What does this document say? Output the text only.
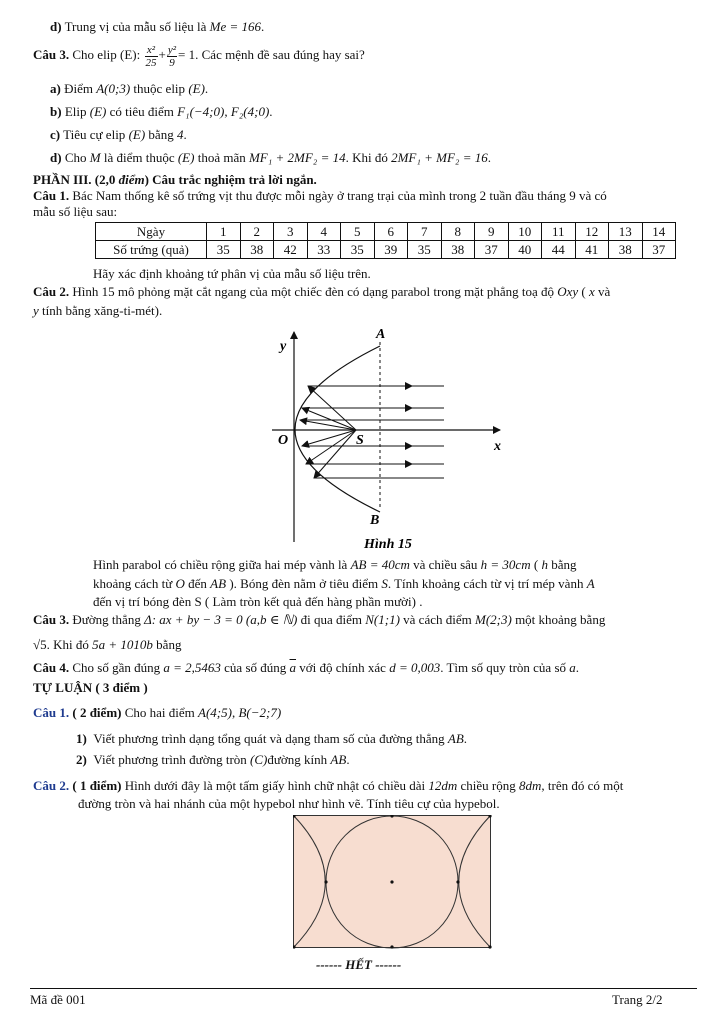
d) Trung vị của mẫu số liệu là Me = 166.
Câu 3. Cho elip (E): $\frac{\text{x²}}{25} + \frac{\text{y²}}{9} = 1$. Các mệnh đề sau đúng hay sai?
a) Điểm A(0;3) thuộc elip (E).
b) Elip (E) có tiêu điểm F₁(−4;0), F₂(4;0).
c) Tiêu cự elip (E) bằng 4.
d) Cho M là điểm thuộc (E) thoả mãn MF₁ + 2MF₂ = 14. Khi đó 2MF₁ + MF₂ = 16.
PHẦN III. (2,0 điểm) Câu trắc nghiệm trả lời ngắn.
Câu 1. Bác Nam thống kê số trứng vịt thu được mỗi ngày ở trang trại của mình trong 2 tuần đầu tháng 9 và có
mẫu số liệu sau:
Ngày	1	2	3	4	5	6	7	8	9	10	11	12	13	14
Số trứng (quả)	35	38	42	33	35	39	35	38	37	40	44	41	38	37
Hãy xác định khoảng tứ phân vị của mẫu số liệu trên.
Câu 2. Hình 15 mô phỏng mặt cắt ngang của một chiếc đèn có dạng parabol trong mặt phẳng toạ độ Oxy ( x và
y tính bằng xăng-ti-mét).
y
x
O	S
A
B
Hình 15
Hình parabol có chiều rộng giữa hai mép vành là AB = 40cm và chiều sâu h = 30cm ( h bằng
khoảng cách từ O đến AB ). Bóng đèn nằm ở tiêu điểm S. Tính khoảng cách từ vị trí mép vành A
đến vị trí bóng đèn S ( Làm tròn kết quả đến hàng phần mười) .
Câu 3. Đường thẳng Δ: ax + by − 3 = 0 (a,b ∈ ℕ) đi qua điểm N(1;1) và cách điểm M(2;3) một khoảng bằng
√5. Khi đó 5a + 1010b bằng
Câu 4. Cho số gần đúng a = 2,5463 của số đúng $\overline{a}$ với độ chính xác d = 0,003. Tìm số quy tròn của số a.
TỰ LUẬN ( 3 điểm )
Câu 1. ( 2 điểm) Cho hai điểm A(4;5), B(−2;7)
1) Viết phương trình dạng tổng quát và dạng tham số của đường thẳng AB.
2) Viết phương trình đường tròn (C)đường kính AB.
Câu 2. ( 1 điểm) Hình dưới đây là một tấm giấy hình chữ nhật có chiều dài 12dm chiều rộng 8dm, trên đó có một
đường tròn và hai nhánh của một hypebol như hình vẽ. Tính tiêu cự của hypebol.
------ HẾT ------
Mã đề 001	Trang 2/2
